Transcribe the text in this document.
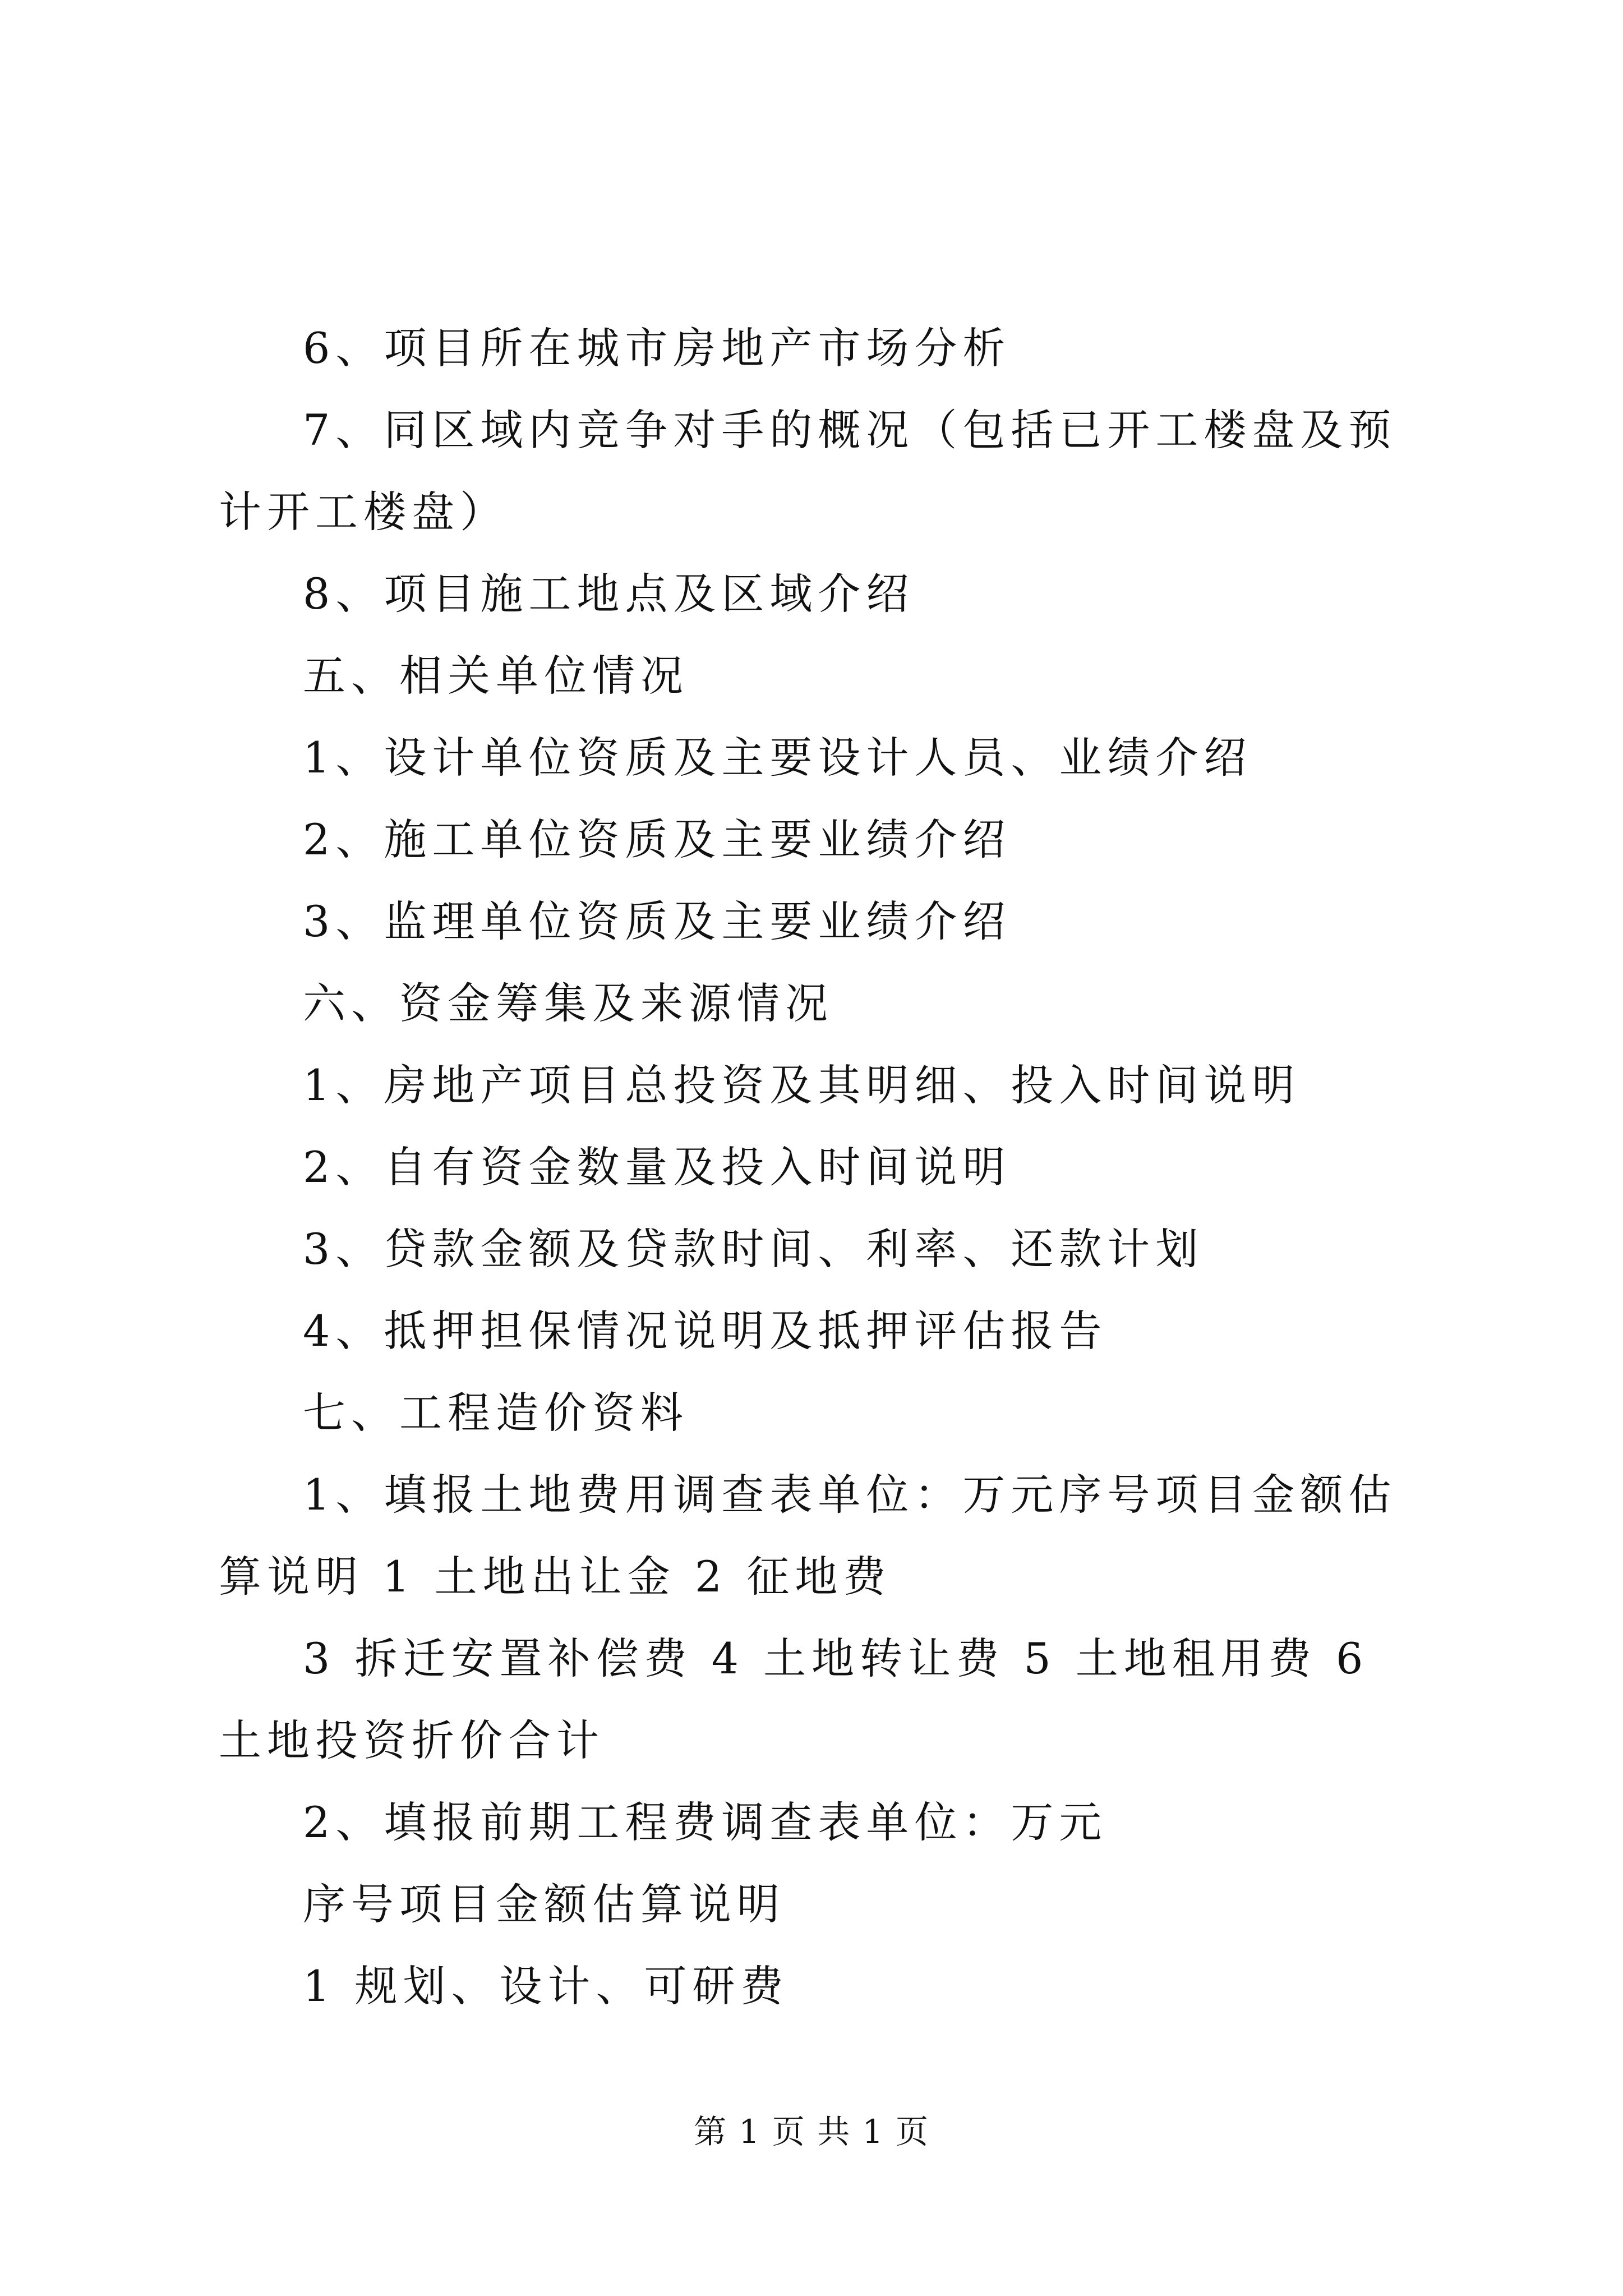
6、项目所在城市房地产市场分析

7、同区域内竞争对手的概况（包括已开工楼盘及预计开工楼盘）

8、项目施工地点及区域介绍

五、相关单位情况

1、设计单位资质及主要设计人员、业绩介绍

2、施工单位资质及主要业绩介绍

3、监理单位资质及主要业绩介绍

六、资金筹集及来源情况

1、房地产项目总投资及其明细、投入时间说明

2、自有资金数量及投入时间说明

3、贷款金额及贷款时间、利率、还款计划

4、抵押担保情况说明及抵押评估报告

七、工程造价资料

1、填报土地费用调查表单位：万元序号项目金额估算说明 1 土地出让金 2 征地费

3 拆迁安置补偿费 4 土地转让费 5 土地租用费 6 土地投资折价合计

2、填报前期工程费调查表单位：万元

序号项目金额估算说明

1 规划、设计、可研费

第 1 页 共 1 页
